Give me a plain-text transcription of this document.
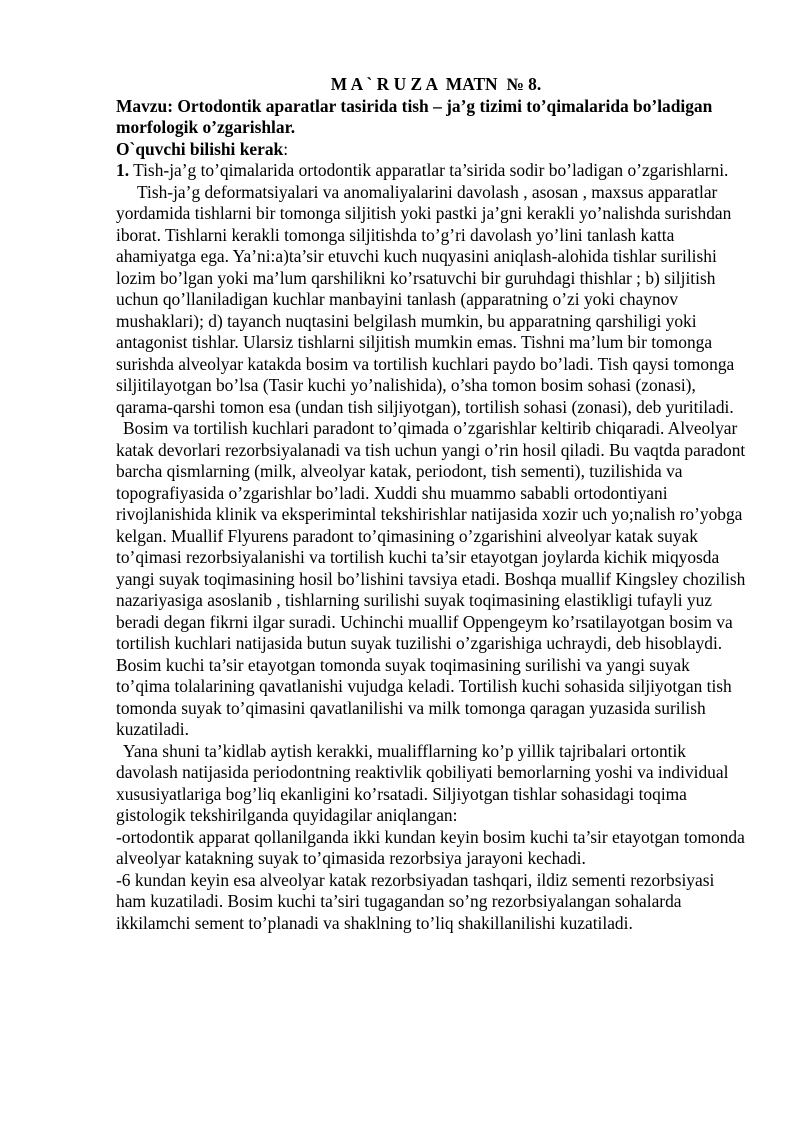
M A ` R U Z A  MATN  № 8.

Mavzu: Ortodontik aparatlar tasirida tish – ja’g tizimi to’qimalarida bo’ladigan morfologik o’zgarishlar.

O`quvchi bilishi kerak:

1. Tish-ja’g to’qimalarida ortodontik apparatlar ta’sirida sodir bo’ladigan o’zgarishlarni.

Tish-ja’g deformatsiyalari va anomaliyalarini davolash , asosan , maxsus apparatlar yordamida tishlarni bir tomonga siljitish yoki pastki ja’gni kerakli yo’nalishda surishdan iborat. Tishlarni kerakli tomonga siljitishda to’g’ri davolash yo’lini tanlash katta ahamiyatga ega. Ya’ni:a)ta’sir etuvchi kuch nuqyasini aniqlash-alohida tishlar surilishi lozim bo’lgan yoki ma’lum qarshilikni ko’rsatuvchi bir guruhdagi thishlar ; b) siljitish uchun qo’llaniladigan kuchlar manbayini tanlash (apparatning o’zi yoki chaynov mushaklari); d) tayanch nuqtasini belgilash mumkin, bu apparatning qarshiligi yoki antagonist tishlar. Ularsiz tishlarni siljitish mumkin emas. Tishni ma’lum bir tomonga surishda alveolyar katakda bosim va tortilish kuchlari paydo bo’ladi. Tish qaysi tomonga siljitilayotgan bo’lsa (Tasir kuchi yo’nalishida), o’sha tomon bosim sohasi (zonasi), qarama-qarshi tomon esa (undan tish siljiyotgan), tortilish sohasi (zonasi), deb yuritiladi.

Bosim va tortilish kuchlari paradont to’qimada o’zgarishlar keltirib chiqaradi. Alveolyar katak devorlari rezorbsiyalanadi va tish uchun yangi o’rin hosil qiladi. Bu vaqtda paradont barcha qismlarning (milk, alveolyar katak, periodont, tish sementi), tuzilishida va topografiyasida o’zgarishlar bo’ladi. Xuddi shu muammo sababli ortodontiyani rivojlanishida klinik va eksperimintal tekshirishlar natijasida xozir uch yo;nalish ro’yobga kelgan. Muallif Flyurens paradont to’qimasining o’zgarishini alveolyar katak suyak to’qimasi rezorbsiyalanishi va tortilish kuchi ta’sir etayotgan joylarda kichik miqyosda yangi suyak toqimasining hosil bo’lishini tavsiya etadi. Boshqa muallif Kingsley chozilish nazariyasiga asoslanib , tishlarning surilishi suyak toqimasining elastikligi tufayli yuz beradi degan fikrni ilgar suradi. Uchinchi muallif Oppengeym ko’rsatilayotgan bosim va tortilish kuchlari natijasida butun suyak tuzilishi o’zgarishiga uchraydi, deb hisoblaydi. Bosim kuchi ta’sir etayotgan tomonda suyak toqimasining surilishi va yangi suyak to’qima tolalarining qavatlanishi vujudga keladi. Tortilish kuchi sohasida siljiyotgan tish tomonda suyak to’qimasini qavatlanilishi va milk tomonga qaragan yuzasida surilish kuzatiladi.

Yana shuni ta’kidlab aytish kerakki, mualifflarning ko’p yillik tajribalari ortontik davolash natijasida periodontning reaktivlik qobiliyati bemorlarning yoshi va individual xususiyatlariga bog’liq ekanligini ko’rsatadi. Siljiyotgan tishlar sohasidagi toqima gistologik tekshirilganda quyidagilar aniqlangan:

-ortodontik apparat qollanilganda ikki kundan keyin bosim kuchi ta’sir etayotgan tomonda alveolyar katakning suyak to’qimasida rezorbsiya jarayoni kechadi.

-6 kundan keyin esa alveolyar katak rezorbsiyadan tashqari, ildiz sementi rezorbsiyasi ham kuzatiladi. Bosim kuchi ta’siri tugagandan so’ng rezorbsiyalangan sohalarda ikkilamchi sement to’planadi va shaklning to’liq shakillanilishi kuzatiladi.
